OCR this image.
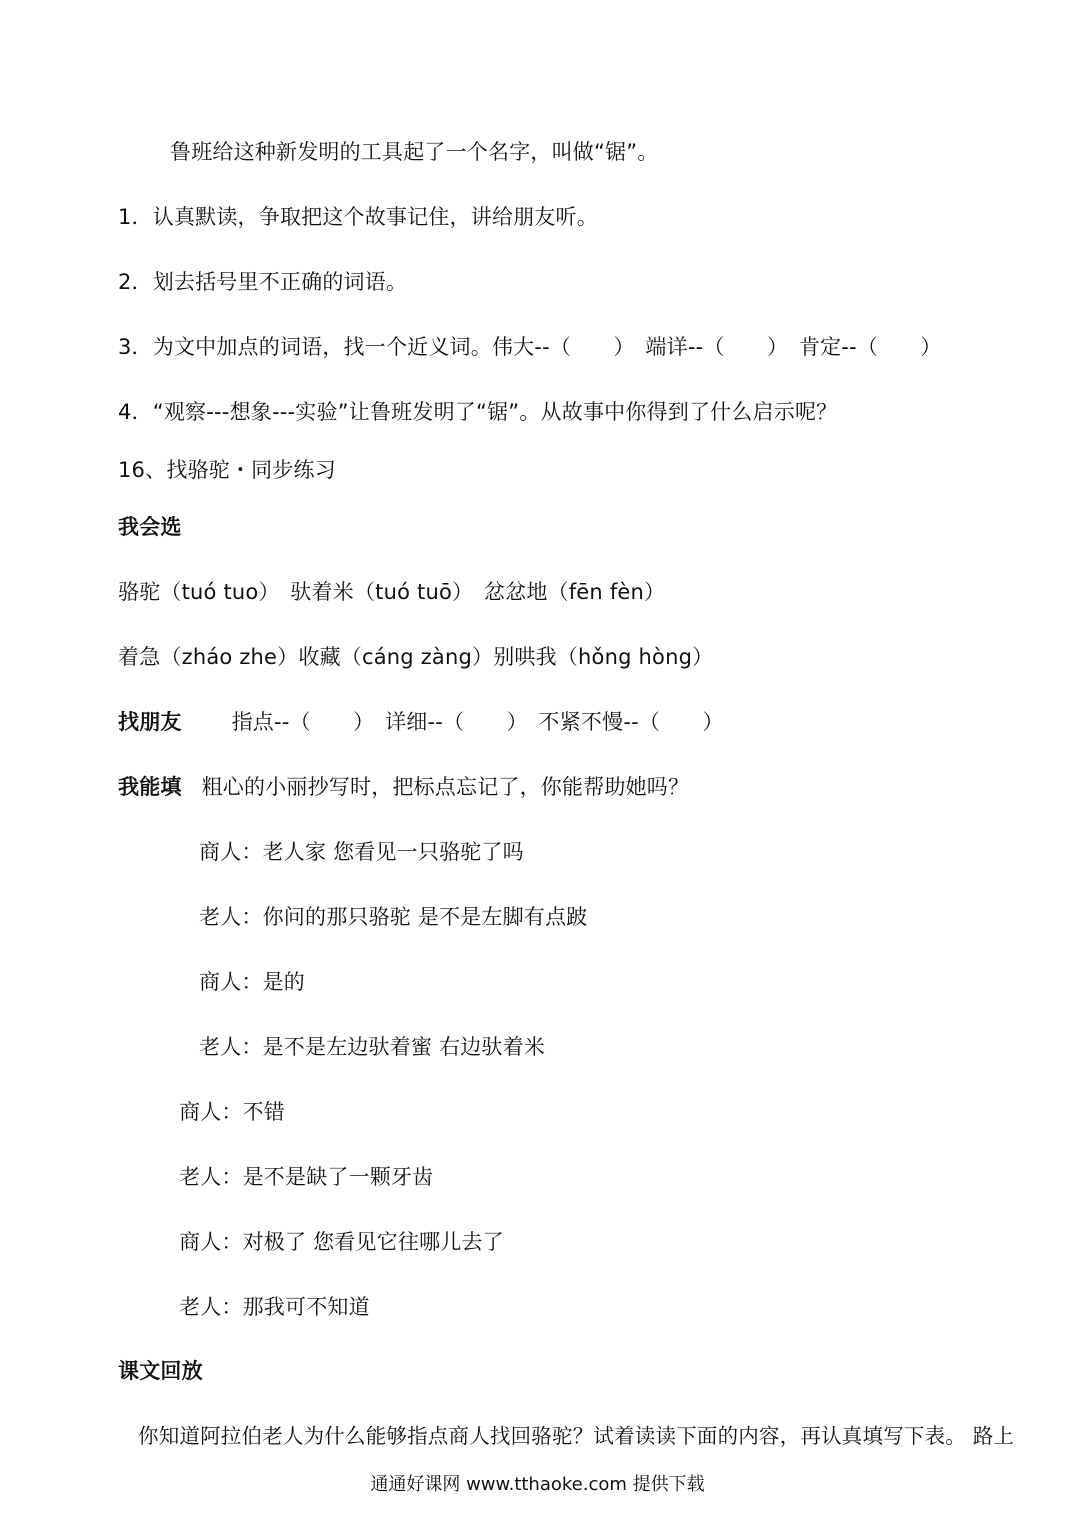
鲁班给这种新发明的工具起了一个名字，叫做“锯”。
1．认真默读，争取把这个故事记住，讲给朋友听。
2．划去括号里不正确的词语。
3．为文中加点的词语，找一个近义词。伟大--（　　）　端详--（　　）　肯定--（　　）
4．“观察---想象---实验”让鲁班发明了“锯”。从故事中你得到了什么启示呢？
16、找骆驼・同步练习
我会选
骆驼（tuó tuo）　驮着米（tuó tuō）　忿忿地（fēn fèn）
着急（zháo zhe）收藏（cáng zàng）别哄我（hǒng hòng）
找朋友 指点--（　　）　详细--（　　）　不紧不慢--（　　）
我能填 粗心的小丽抄写时，把标点忘记了，你能帮助她吗？
商人：老人家 您看见一只骆驼了吗
老人：你问的那只骆驼 是不是左脚有点跛
商人：是的
老人：是不是左边驮着蜜 右边驮着米
商人：不错
老人：是不是缺了一颗牙齿
商人：对极了 您看见它往哪儿去了
老人：那我可不知道
课文回放
你知道阿拉伯老人为什么能够指点商人找回骆驼？试着读读下面的内容，再认真填写下表。 路上
通通好课网 www.tthaoke.com 提供下载
